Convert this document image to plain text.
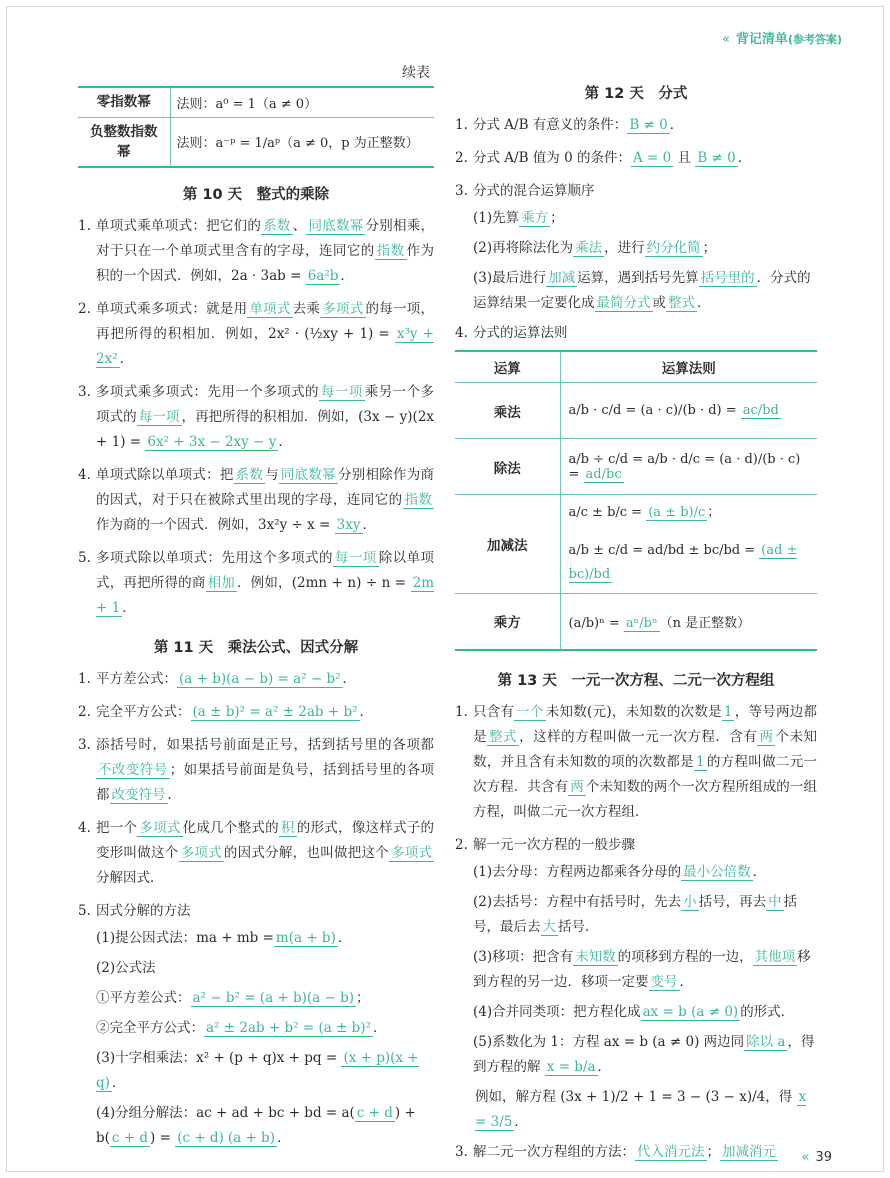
« 背记清单(参考答案)
续表
零指数幂	法则：a⁰ = 1（a ≠ 0）
负整数指数幂	法则：a⁻ᵖ = 1/aᵖ（a ≠ 0，p 为正整数）
第 10 天　整式的乘除
1. 单项式乘单项式：把它们的 系数 、 同底数幂 分别相乘，对于只在一个单项式里含有的字母，连同它的 指数 作为积的一个因式．例如，2a · 3ab = 6a²b ．
2. 单项式乘多项式：就是用 单项式 去乘 多项式 的每一项，再把所得的积相加．例如，2x² · (½xy + 1) = x³y + 2x² ．
3. 多项式乘多项式：先用一个多项式的 每一项 乘另一个多项式的 每一项 ，再把所得的积相加．例如，(3x − y)(2x + 1) = 6x² + 3x − 2xy − y ．
4. 单项式除以单项式：把 系数 与 同底数幂 分别相除作为商的因式，对于只在被除式里出现的字母，连同它的 指数作为商的一个因式．例如，3x²y ÷ x = 3xy ．
5. 多项式除以单项式：先用这个多项式的 每一项 除以单项式，再把所得的商 相加 ．例如，(2mn + n) ÷ n = 2m + 1 ．
第 11 天　乘法公式、因式分解
1. 平方差公式： (a + b)(a − b) = a² − b² ．
2. 完全平方公式： (a ± b)² = a² ± 2ab + b² ．
3. 添括号时，如果括号前面是正号，括到括号里的各项都不改变符号 ；如果括号前面是负号，括到括号里的各项都 改变符号 ．
4. 把一个 多项式 化成几个整式的 积 的形式，像这样式子的变形叫做这个 多项式 的因式分解，也叫做把这个 多项式分解因式．
5. 因式分解的方法
(1)提公因式法：ma + mb = m(a + b) ．
(2)公式法
①平方差公式： a² − b² = (a + b)(a − b) ；
②完全平方公式： a² ± 2ab + b² = (a ± b)² ．
(3)十字相乘法：x² + (p + q)x + pq = (x + p)(x + q) ．
(4)分组分解法：ac + ad + bc + bd = a( c + d ) + b( c + d ) = (c + d) (a + b) ．
第 12 天　分式
1. 分式 A/B 有意义的条件： B ≠ 0 ．
2. 分式 A/B 值为 0 的条件： A = 0 且 B ≠ 0 ．
3. 分式的混合运算顺序
(1)先算 乘方 ；
(2)再将除法化为 乘法 ，进行 约分化简 ；
(3)最后进行 加减 运算，遇到括号先算 括号里的 ．分式的运算结果一定要化成 最简分式 或 整式 ．
4. 分式的运算法则
运算	运算法则
乘法	a/b · c/d = (a · c)/(b · d) = ac/bd
除法	a/b ÷ c/d = a/b · d/c = (a · d)/(b · c) = ad/bc
加减法	a/c ± b/c = (a ± b)/c ；
a/b ± c/d = ad/bd ± bc/bd = (ad ± bc)/bd

乘方	(a/b)ⁿ = aⁿ/bⁿ （n 是正整数）
第 13 天　一元一次方程、二元一次方程组
1. 只含有 一个 未知数(元)，未知数的次数是 1 ，等号两边都是 整式 ，这样的方程叫做一元一次方程．含有 两 个未知数，并且含有未知数的项的次数都是 1 的方程叫做二元一次方程．共含有 两 个未知数的两个一次方程所组成的一组方程，叫做二元一次方程组．
2. 解一元一次方程的一般步骤
(1)去分母：方程两边都乘各分母的 最小公倍数 ．
(2)去括号：方程中有括号时，先去 小 括号，再去 中 括号，最后去 大 括号．
(3)移项：把含有 未知数 的项移到方程的一边， 其他项 移到方程的另一边．移项一定要 变号 ．
(4)合并同类项：把方程化成 ax = b (a ≠ 0) 的形式．
(5)系数化为 1：方程 ax = b (a ≠ 0) 两边同 除以 a ，得到方程的解 x = b/a ．
例如，解方程 (3x + 1)/2 + 1 = 3 − (3 − x)/4，得 x = 3/5 ．
3. 解二元一次方程组的方法： 代入消元法 ； 加减消元	« 39
